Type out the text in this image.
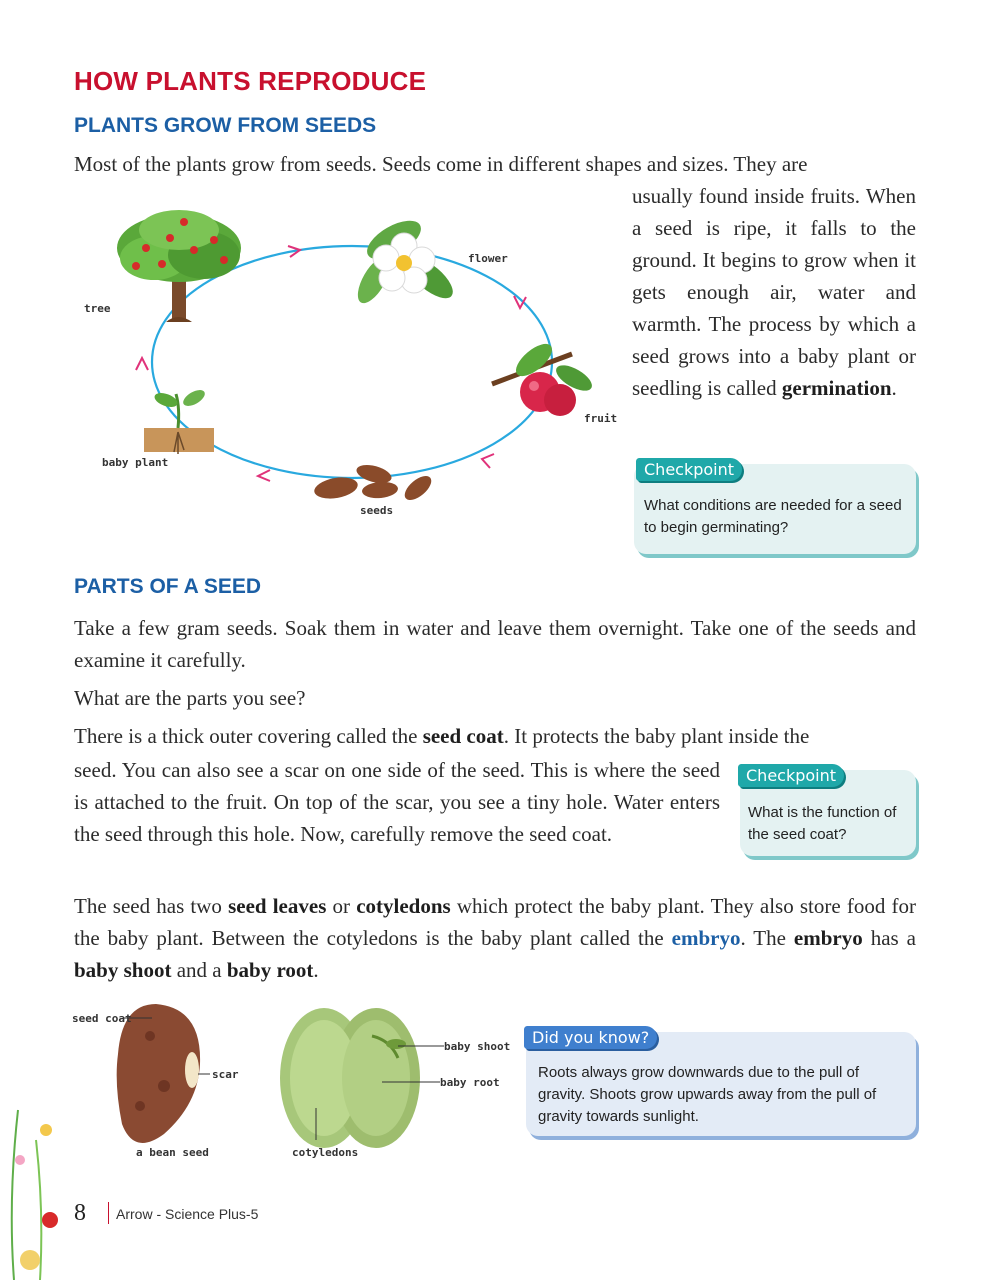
HOW PLANTS REPRODUCE
PLANTS GROW FROM SEEDS

Most of the plants grow from seeds. Seeds come in different shapes and sizes. They are

usually found inside fruits. When a seed is ripe, it falls to the ground. It begins to grow when it gets enough air, water and warmth. The process by which a seed grows into a baby plant or seedling is called germination.

tree
flower
fruit
seeds
baby plant	Checkpoint
What conditions are needed for a seed to begin germinating?
PARTS OF A SEED

Take a few gram seeds. Soak them in water and leave them overnight. Take one of the seeds and examine it carefully.

What are the parts you see?

There is a thick outer covering called the seed coat. It protects the baby plant inside the

seed. You can also see a scar on one side of the seed. This is where the seed is attached to the fruit. On top of the scar, you see a tiny hole. Water enters the seed through this hole. Now, carefully remove the seed coat.

Checkpoint
What is the function of the seed coat?

The seed has two seed leaves or cotyledons which protect the baby plant. They also store food for the baby plant. Between the cotyledons is the baby plant called the embryo. The embryo has a baby shoot and a baby root.

seed coat
scar
a bean seed
baby shoot
baby root
cotyledons
Did you know?
Roots always grow downwards due to the pull of gravity. Shoots grow upwards away from the pull of gravity towards sunlight.
8 Arrow - Science Plus-5
